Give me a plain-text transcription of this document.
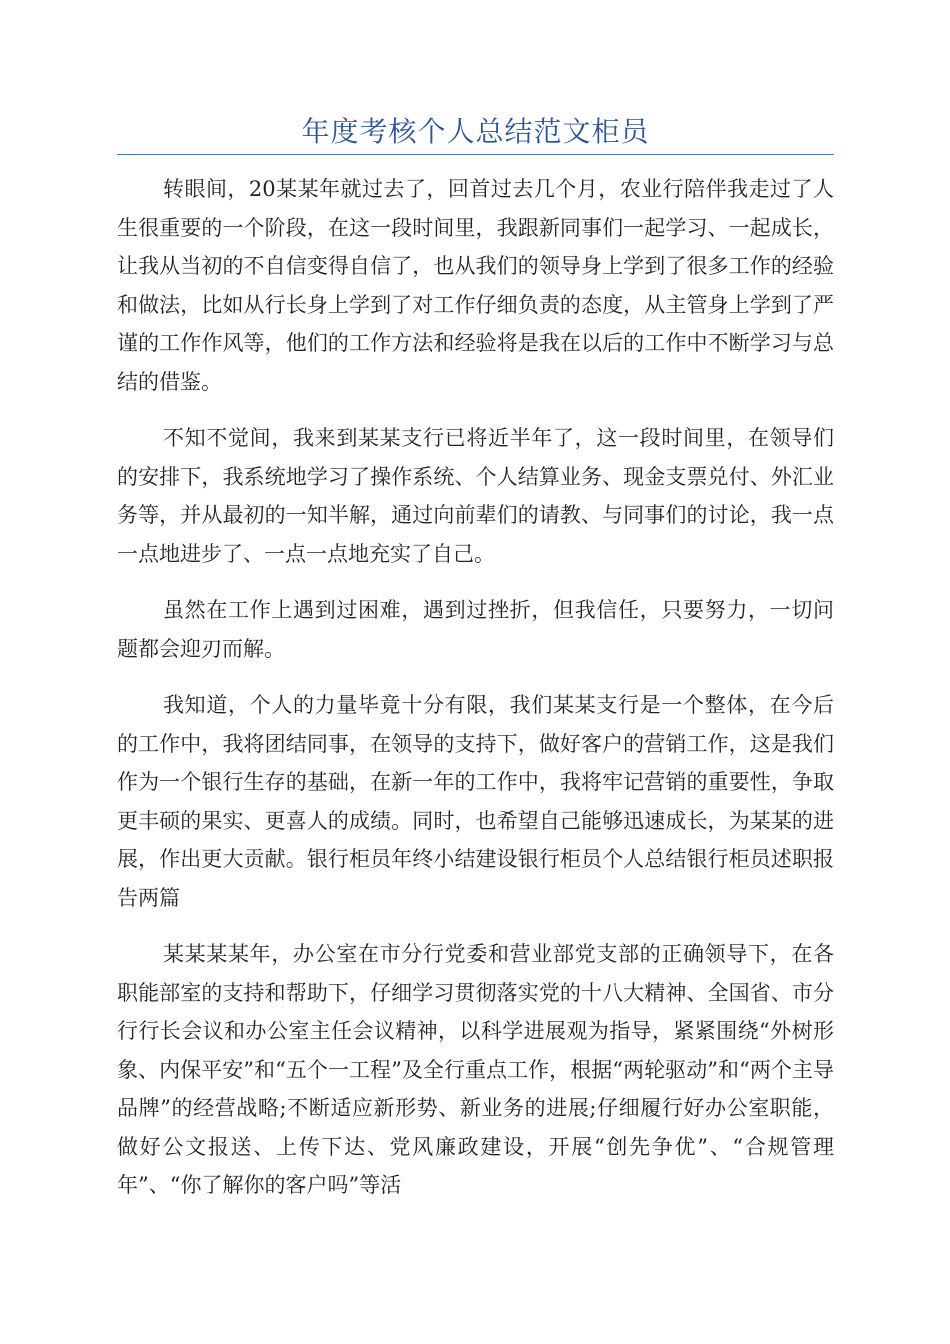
年度考核个人总结范文柜员

转眼间，20某某年就过去了，回首过去几个月，农业行陪伴我走过了人生很重要的一个阶段，在这一段时间里，我跟新同事们一起学习、一起成长，让我从当初的不自信变得自信了，也从我们的领导身上学到了很多工作的经验和做法，比如从行长身上学到了对工作仔细负责的态度，从主管身上学到了严谨的工作作风等，他们的工作方法和经验将是我在以后的工作中不断学习与总结的借鉴。

不知不觉间，我来到某某支行已将近半年了，这一段时间里，在领导们的安排下，我系统地学习了操作系统、个人结算业务、现金支票兑付、外汇业务等，并从最初的一知半解，通过向前辈们的请教、与同事们的讨论，我一点一点地进步了、一点一点地充实了自己。

虽然在工作上遇到过困难，遇到过挫折，但我信任，只要努力，一切问题都会迎刃而解。

我知道，个人的力量毕竟十分有限，我们某某支行是一个整体，在今后的工作中，我将团结同事，在领导的支持下，做好客户的营销工作，这是我们作为一个银行生存的基础，在新一年的工作中，我将牢记营销的重要性，争取更丰硕的果实、更喜人的成绩。同时，也希望自己能够迅速成长，为某某的进展，作出更大贡献。银行柜员年终小结建设银行柜员个人总结银行柜员述职报告两篇

某某某某年，办公室在市分行党委和营业部党支部的正确领导下，在各职能部室的支持和帮助下，仔细学习贯彻落实党的十八大精神、全国省、市分行行长会议和办公室主任会议精神，以科学进展观为指导，紧紧围绕“外树形象、内保平安”和“五个一工程”及全行重点工作，根据“两轮驱动”和“两个主导品牌”的经营战略;不断适应新形势、新业务的进展;仔细履行好办公室职能，做好公文报送、上传下达、党风廉政建设，开展“创先争优”、“合规管理年”、“你了解你的客户吗”等活
